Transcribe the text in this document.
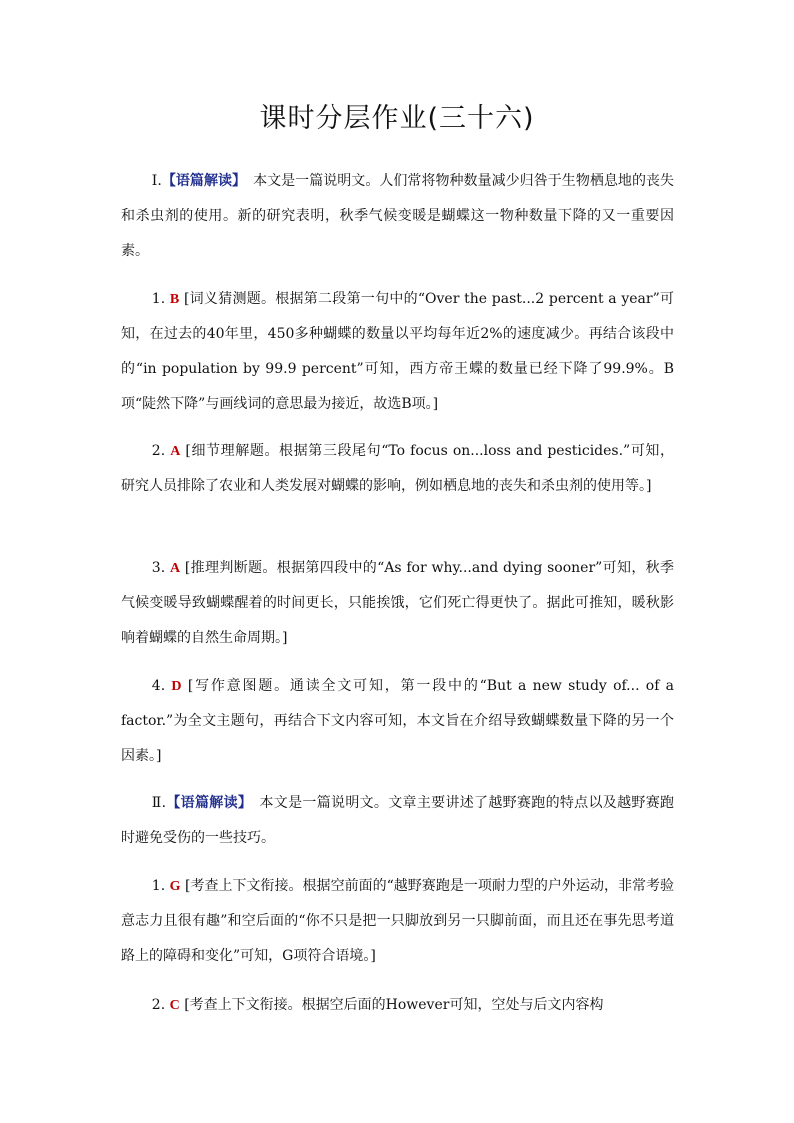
课时分层作业(三十六)

Ⅰ.【语篇解读】　本文是一篇说明文。人们常将物种数量减少归咎于生物栖息地的丧失和杀虫剂的使用。新的研究表明，秋季气候变暖是蝴蝶这一物种数量下降的又一重要因素。

1. B [词义猜测题。根据第二段第一句中的“Over the past...2 percent a year”可知，在过去的40年里，450多种蝴蝶的数量以平均每年近2%的速度减少。再结合该段中的“in population by 99.9 percent”可知，西方帝王蝶的数量已经下降了99.9%。B项“陡然下降”与画线词的意思最为接近，故选B项。]

2. A [细节理解题。根据第三段尾句“To focus on...loss and pesticides.”可知，研究人员排除了农业和人类发展对蝴蝶的影响，例如栖息地的丧失和杀虫剂的使用等。]

3. A [推理判断题。根据第四段中的“As for why...and dying sooner”可知，秋季气候变暖导致蝴蝶醒着的时间更长，只能挨饿，它们死亡得更快了。据此可推知，暖秋影响着蝴蝶的自然生命周期。]

4. D [写作意图题。通读全文可知，第一段中的“But a new study of... of a factor.”为全文主题句，再结合下文内容可知，本文旨在介绍导致蝴蝶数量下降的另一个因素。]

Ⅱ.【语篇解读】　本文是一篇说明文。文章主要讲述了越野赛跑的特点以及越野赛跑时避免受伤的一些技巧。

1. G [考查上下文衔接。根据空前面的“越野赛跑是一项耐力型的户外运动，非常考验意志力且很有趣”和空后面的“你不只是把一只脚放到另一只脚前面，而且还在事先思考道路上的障碍和变化”可知，G项符合语境。]

2. C [考查上下文衔接。根据空后面的However可知，空处与后文内容构
